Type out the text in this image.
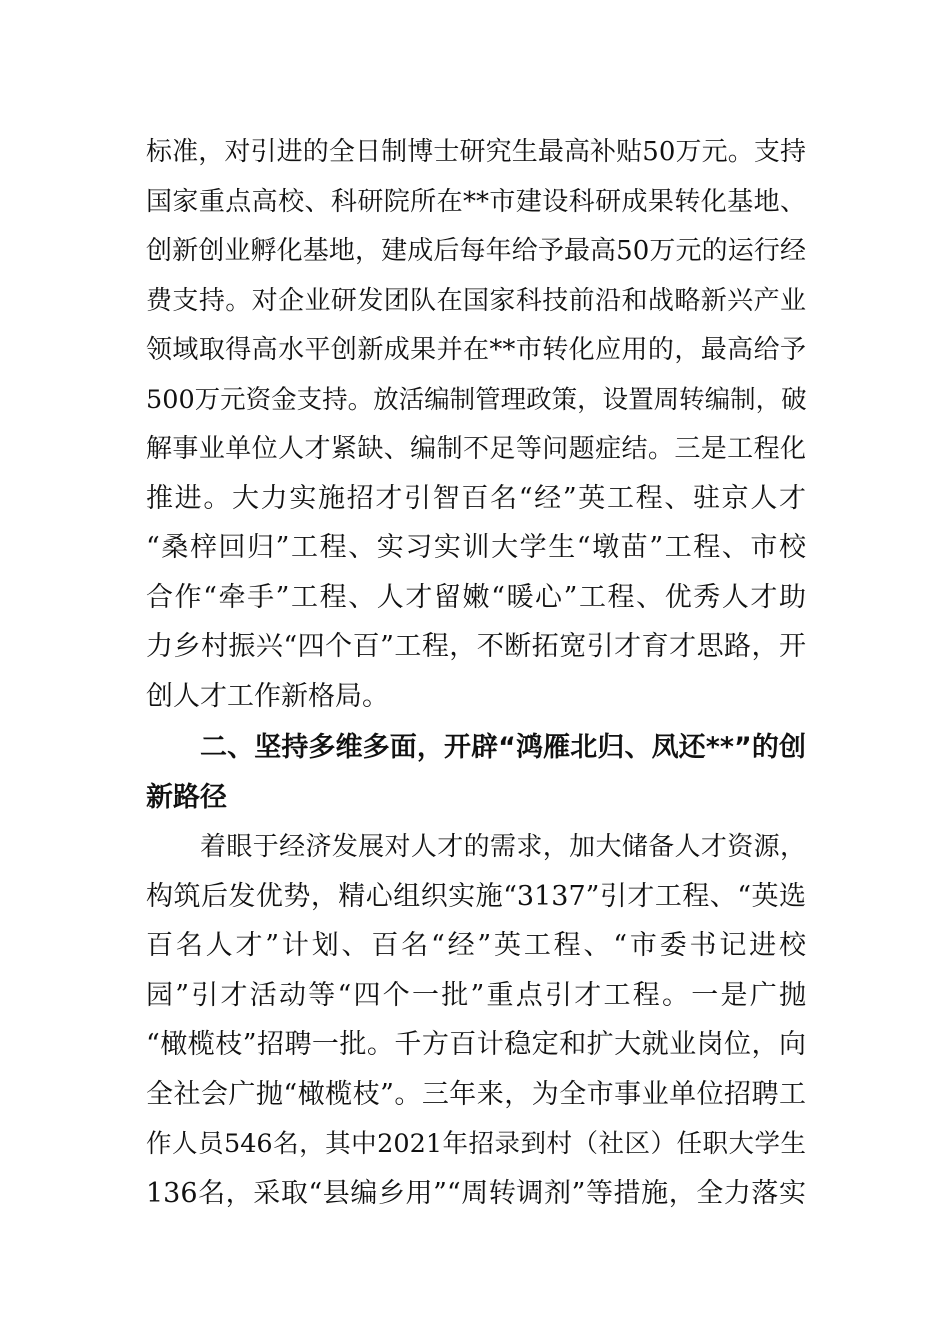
标准，对引进的全日制博士研究生最高补贴50万元。支持
国家重点高校、科研院所在**市建设科研成果转化基地、
创新创业孵化基地，建成后每年给予最高50万元的运行经
费支持。对企业研发团队在国家科技前沿和战略新兴产业
领域取得高水平创新成果并在**市转化应用的，最高给予
500万元资金支持。放活编制管理政策，设置周转编制，破
解事业单位人才紧缺、编制不足等问题症结。三是工程化
推进。大力实施招才引智百名“经”英工程、驻京人才
“桑梓回归”工程、实习实训大学生“墩苗”工程、市校
合作“牵手”工程、人才留嫩“暖心”工程、优秀人才助
力乡村振兴“四个百”工程，不断拓宽引才育才思路，开
创人才工作新格局。
二、坚持多维多面，开辟“鸿雁北归、凤还**”的创
新路径
着眼于经济发展对人才的需求，加大储备人才资源，
构筑后发优势，精心组织实施“3137”引才工程、“英选
百名人才”计划、百名“经”英工程、“市委书记进校
园”引才活动等“四个一批”重点引才工程。一是广抛
“橄榄枝”招聘一批。千方百计稳定和扩大就业岗位，向
全社会广抛“橄榄枝”。三年来，为全市事业单位招聘工
作人员546名，其中2021年招录到村（社区）任职大学生
136名，采取“县编乡用”“周转调剂”等措施，全力落实
